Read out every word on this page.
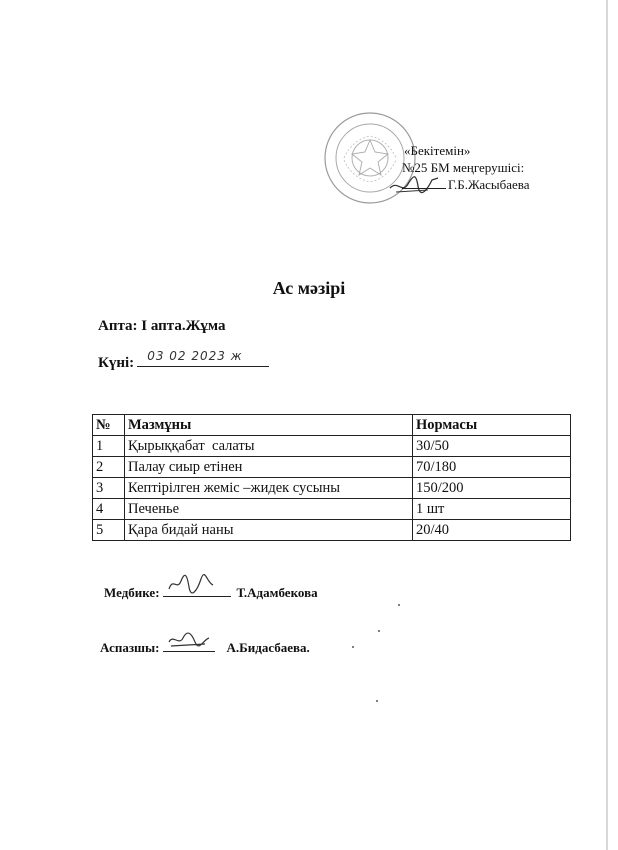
«Бекітемін»
№25 БМ меңгерушісі:
Г.Б.Жасыбаева
Ас мәзірі
Апта: І апта.Жұма
Күні: 03 02 2023 ж
№	Мазмұны	Нормасы
1	Қырыққабат  салаты	30/50
2	Палау сиыр етінен	70/180
3	Кептірілген жеміс –жидек сусыны	150/200
4	Печенье	1 шт
5	Қара бидай наны	20/40
Медбике:	Т.Адамбекова
Аспазшы:	А.Бидасбаева.
